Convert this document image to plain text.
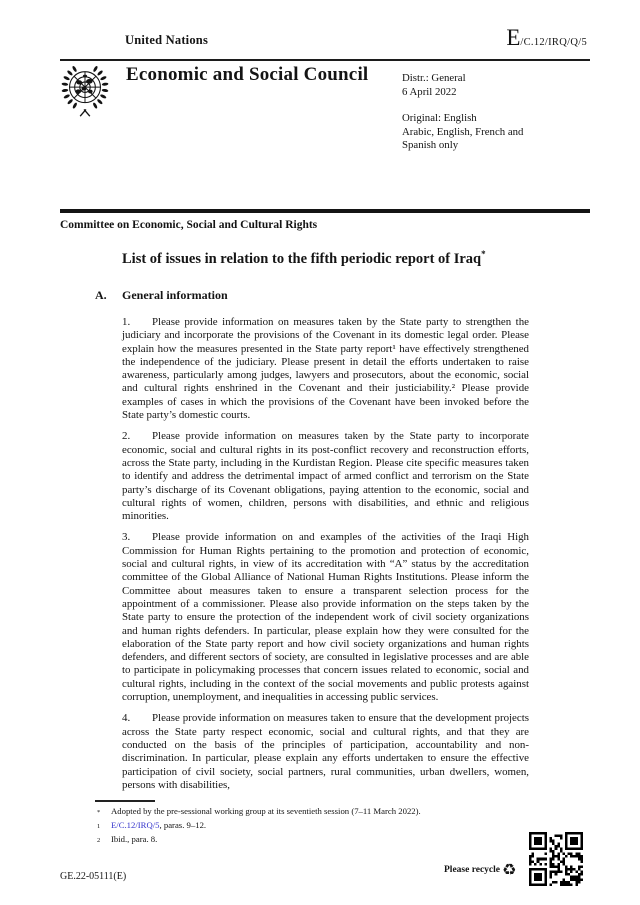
United Nations	E /C.12/IRQ/Q/5
Economic and Social Council	Distr.: General
6 April 2022
Original: English
Arabic, English, French and
Spanish only
Committee on Economic, Social and Cultural Rights
List of issues in relation to the fifth periodic report of Iraq*
A. General information

1. Please provide information on measures taken by the State party to strengthen the judiciary and incorporate the provisions of the Covenant in its domestic legal order. Please explain how the measures presented in the State party report¹ have effectively strengthened the independence of the judiciary. Please present in detail the efforts undertaken to raise awareness, particularly among judges, lawyers and prosecutors, about the economic, social and cultural rights enshrined in the Covenant and their justiciability.² Please provide examples of cases in which the provisions of the Covenant have been invoked before the State party’s domestic courts.

2. Please provide information on measures taken by the State party to incorporate economic, social and cultural rights in its post-conflict recovery and reconstruction efforts, across the State party, including in the Kurdistan Region. Please cite specific measures taken to identify and address the detrimental impact of armed conflict and terrorism on the State party’s discharge of its Covenant obligations, paying attention to the economic, social and cultural rights of women, children, persons with disabilities, and ethnic and religious minorities.

3. Please provide information on and examples of the activities of the Iraqi High Commission for Human Rights pertaining to the promotion and protection of economic, social and cultural rights, in view of its accreditation with “A” status by the accreditation committee of the Global Alliance of National Human Rights Institutions. Please inform the Committee about measures taken to ensure a transparent selection process for the appointment of a commissioner. Please also provide information on the steps taken by the State party to ensure the protection of the independent work of civil society organizations and human rights defenders. In particular, please explain how they were consulted for the elaboration of the State party report and how civil society organizations and human rights defenders, and different sectors of society, are consulted in legislative processes and are able to participate in policymaking processes that concern issues related to economic, social and cultural rights, including in the context of the social movements and public protests against corruption, unemployment, and inequalities in accessing public services.

4. Please provide information on measures taken to ensure that the development projects across the State party respect economic, social and cultural rights, and that they are conducted on the basis of the principles of participation, accountability and non-discrimination. In particular, please explain any efforts undertaken to ensure the effective participation of civil society, social partners, rural communities, urban dwellers, women, persons with disabilities,

*	Adopted by the pre-sessional working group at its seventieth session (7–11 March 2022).
1	E/C.12/IRQ/5, paras. 9–12.
2	Ibid., para. 8.
GE.22-05111(E)
Please recycle ♻
